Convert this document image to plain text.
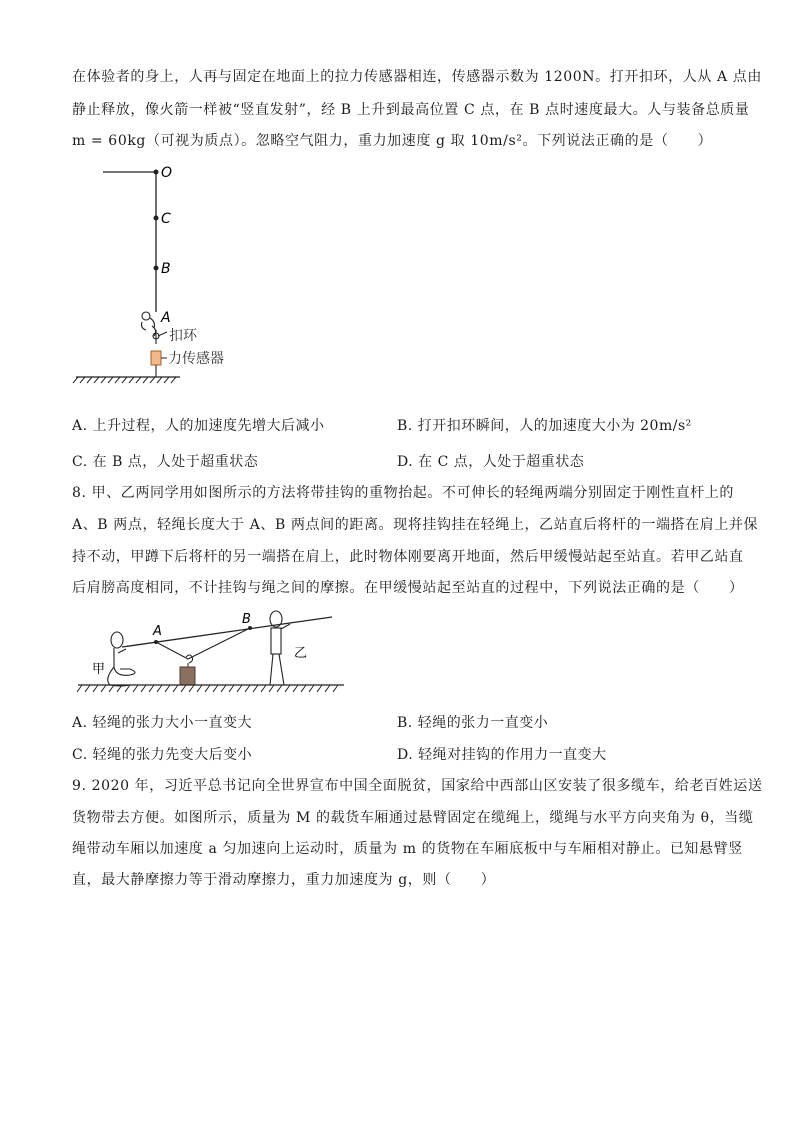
在体验者的身上，人再与固定在地面上的拉力传感器相连，传感器示数为 1200N。打开扣环，人从 A 点由
静止释放，像火箭一样被“竖直发射”，经 B 上升到最高位置 C 点，在 B 点时速度最大。人与装备总质量
m = 60kg（可视为质点）。忽略空气阻力，重力加速度 g 取 10m/s²。下列说法正确的是（　　）
O
C
B
A
扣环
力传感器
A. 上升过程，人的加速度先增大后减小	B. 打开扣环瞬间，人的加速度大小为 20m/s²
C. 在 B 点，人处于超重状态	D. 在 C 点，人处于超重状态
8. 甲、乙两同学用如图所示的方法将带挂钩的重物抬起。不可伸长的轻绳两端分别固定于刚性直杆上的
A、B 两点，轻绳长度大于 A、B 两点间的距离。现将挂钩挂在轻绳上，乙站直后将杆的一端搭在肩上并保
持不动，甲蹲下后将杆的另一端搭在肩上，此时物体刚要离开地面，然后甲缓慢站起至站直。若甲乙站直
后肩膀高度相同，不计挂钩与绳之间的摩擦。在甲缓慢站起至站直的过程中，下列说法正确的是（　　）
A
B
甲
乙
A. 轻绳的张力大小一直变大	B. 轻绳的张力一直变小
C. 轻绳的张力先变大后变小	D. 轻绳对挂钩的作用力一直变大
9. 2020 年，习近平总书记向全世界宣布中国全面脱贫，国家给中西部山区安装了很多缆车，给老百姓运送
货物带去方便。如图所示，质量为 M 的载货车厢通过悬臂固定在缆绳上，缆绳与水平方向夹角为 θ，当缆
绳带动车厢以加速度 a 匀加速向上运动时，质量为 m 的货物在车厢底板中与车厢相对静止。已知悬臂竖
直，最大静摩擦力等于滑动摩擦力，重力加速度为 g，则（　　）
